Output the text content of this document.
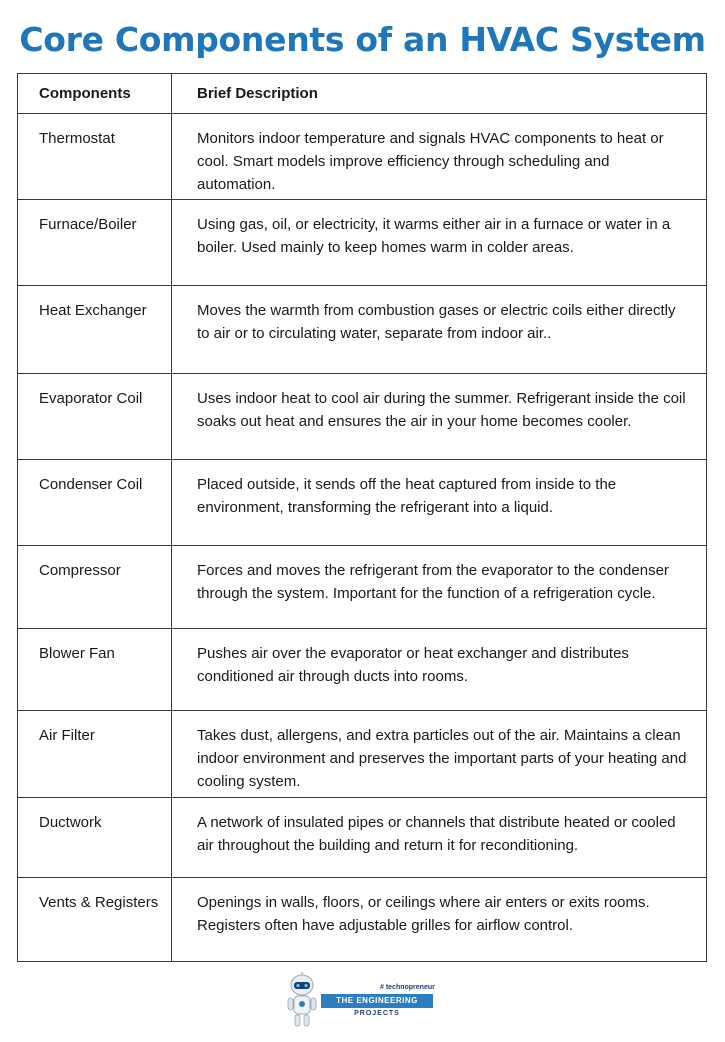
Core Components of an HVAC System
Components	Brief Description
Thermostat	Monitors indoor temperature and signals HVAC components to heat or cool. Smart models improve efficiency through scheduling and automation.
Furnace/Boiler	Using gas, oil, or electricity, it warms either air in a furnace or water in a boiler. Used mainly to keep homes warm in colder areas.
Heat Exchanger	Moves the warmth from combustion gases or electric coils either directly to air or to circulating water, separate from indoor air..
Evaporator Coil	Uses indoor heat to cool air during the summer. Refrigerant inside the coil soaks out heat and ensures the air in your home becomes cooler.
Condenser Coil	Placed outside, it sends off the heat captured from inside to the environment, transforming the refrigerant into a liquid.
Compressor	Forces and moves the refrigerant from the evaporator to the condenser through the system. Important for the function of a refrigeration cycle.
Blower Fan	Pushes air over the evaporator or heat exchanger and distributes conditioned air through ducts into rooms.
Air Filter	Takes dust, allergens, and extra particles out of the air. Maintains a clean indoor environment and preserves the important parts of your heating and cooling system.
Ductwork	A network of insulated pipes or channels that distribute heated or cooled air throughout the building and return it for reconditioning.
Vents & Registers	Openings in walls, floors, or ceilings where air enters or exits rooms. Registers often have adjustable grilles for airflow control.
# technopreneur
THE ENGINEERING
PROJECTS
